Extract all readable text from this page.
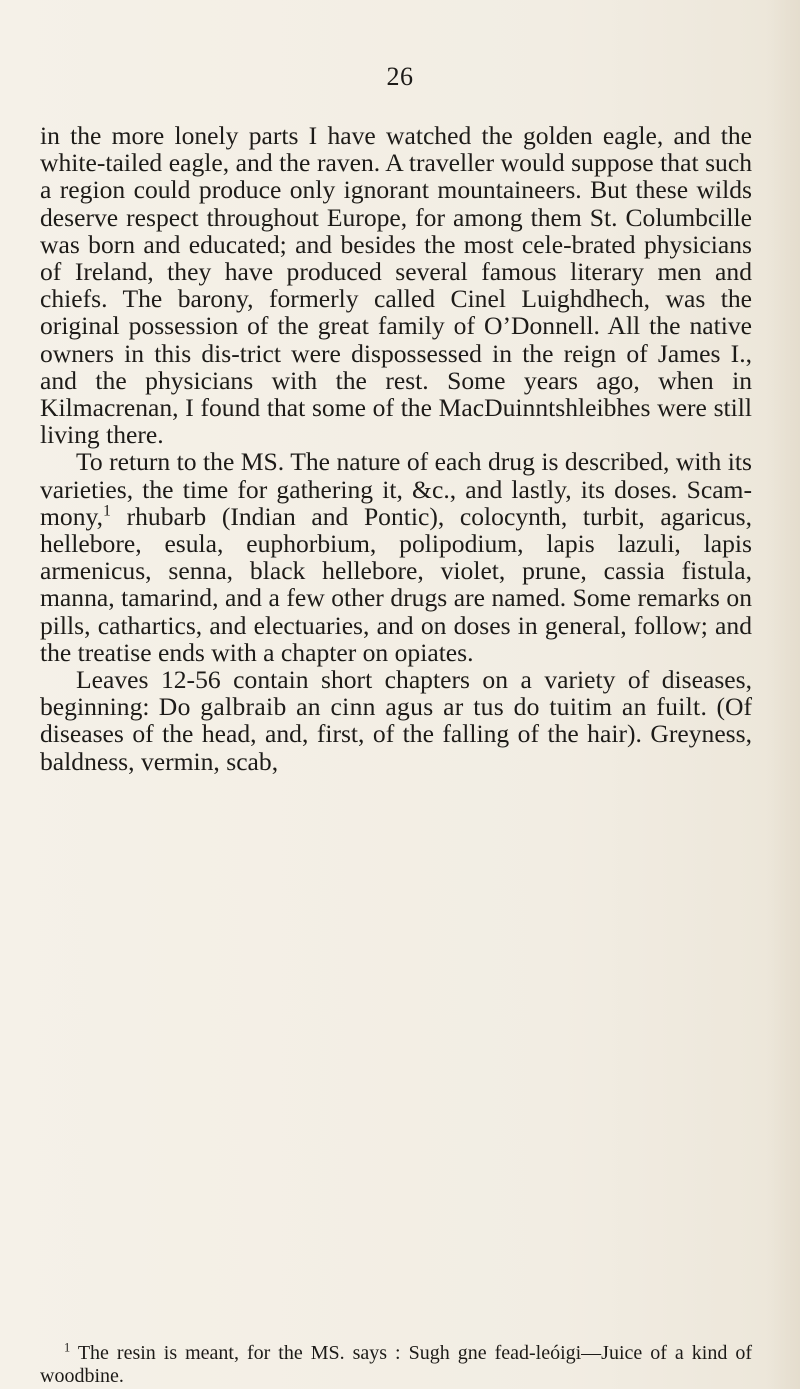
26

in the more lonely parts I have watched the golden eagle, and the white-tailed eagle, and the raven. A traveller would suppose that such a region could produce only ignorant mountaineers. But these wilds deserve respect throughout Europe, for among them St. Columbcille was born and educated; and besides the most cele-brated physicians of Ireland, they have produced several famous literary men and chiefs. The barony, formerly called Cinel Luighdhech, was the original possession of the great family of O’Donnell. All the native owners in this dis-trict were dispossessed in the reign of James I., and the physicians with the rest. Some years ago, when in Kilmacrenan, I found that some of the MacDuinntshleibhes were still living there.

To return to the MS. The nature of each drug is described, with its varieties, the time for gathering it, &c., and lastly, its doses. Scam-mony,$^1$ rhubarb (Indian and Pontic), colocynth, turbit, agaricus, hellebore, esula, euphorbium, polipodium, lapis lazuli, lapis armenicus, senna, black hellebore, violet, prune, cassia fistula, manna, tamarind, and a few other drugs are named. Some remarks on pills, cathartics, and electuaries, and on doses in general, follow; and the treatise ends with a chapter on opiates.

Leaves 12-56 contain short chapters on a variety of diseases, beginning: Do galbraib an cinn agus ar tus do tuitim an fuilt. (Of diseases of the head, and, first, of the falling of the hair). Greyness, baldness, vermin, scab,

$^1$ The resin is meant, for the MS. says : Sugh gne fead-leóigi—Juice of a kind of woodbine.
